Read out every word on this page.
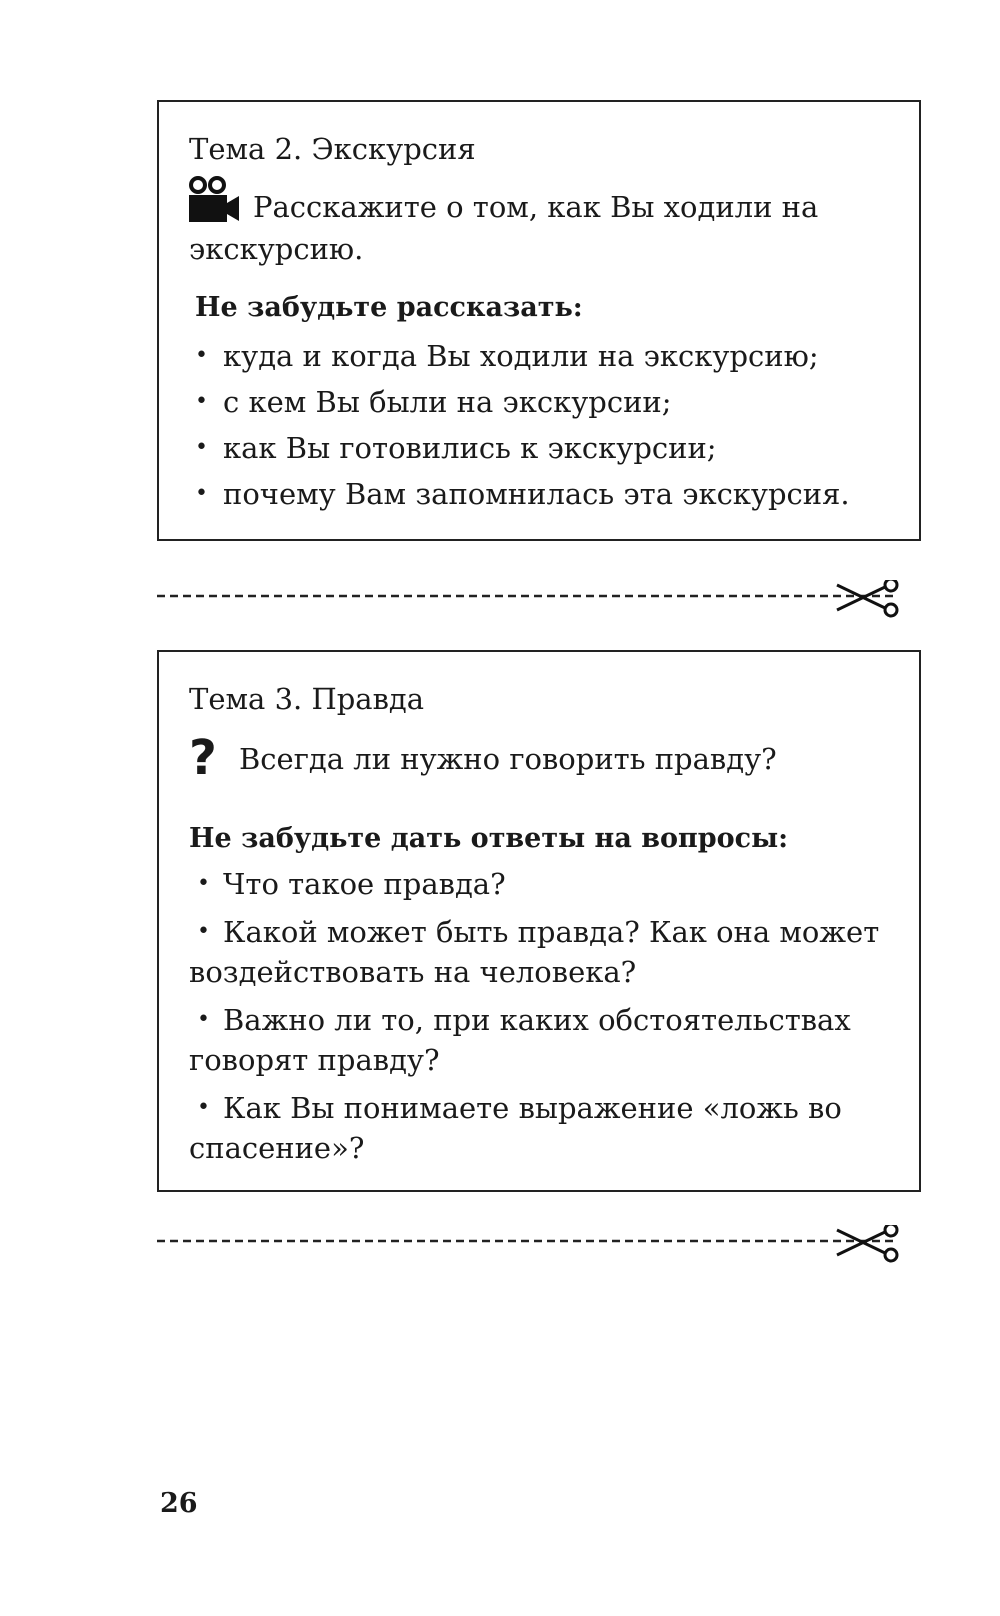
Тема 2. Экскурсия
Расскажите о том, как Вы ходили на экскурсию.
Не забудьте рассказать:
• куда и когда Вы ходили на экскурсию;
• с кем Вы были на экскурсии;
• как Вы готовились к экскурсии;
• почему Вам запомнилась эта экскурсия.
Тема 3. Правда
? Всегда ли нужно говорить правду?
Не забудьте дать ответы на вопросы:
• Что такое правда?
• Какой может быть правда? Как она может воздействовать на человека?
• Важно ли то, при каких обстоятельствах говорят правду?
• Как Вы понимаете выражение «ложь во спасение»?
26
